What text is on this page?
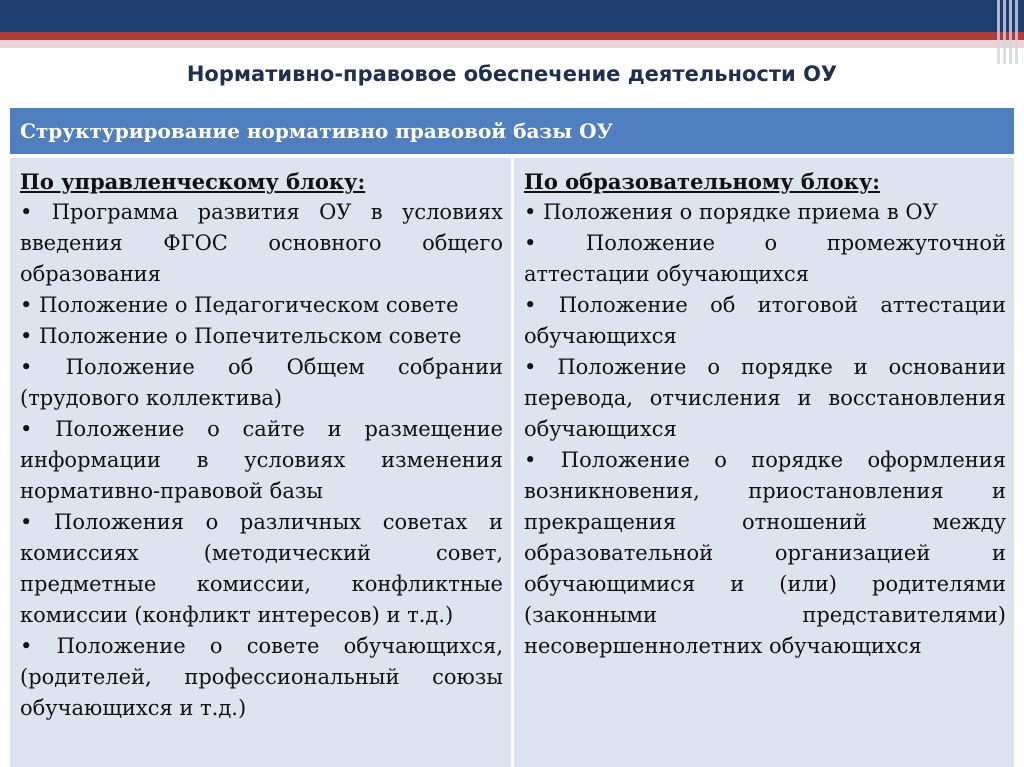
Нормативно-правовое обеспечение деятельности ОУ
Структурирование нормативно правовой базы ОУ
По управленческому блоку:
• Программа развития ОУ в условиях введения ФГОС основного общего образования
• Положение о Педагогическом совете
• Положение о Попечительском совете
• Положение об Общем собрании (трудового коллектива)
• Положение о сайте и размещение информации в условиях изменения нормативно-правовой базы
• Положения о различных советах и комиссиях (методический совет, предметные комиссии, конфликтные комиссии (конфликт интересов) и т.д.)
• Положение о совете обучающихся, (родителей, профессиональный союзы обучающихся и т.д.)
По образовательному блоку:
• Положения о порядке приема в ОУ
• Положение о промежуточной аттестации обучающихся
• Положение об итоговой аттестации обучающихся
• Положение о порядке и основании перевода, отчисления и восстановления обучающихся
• Положение о порядке оформления возникновения, приостановления и прекращения отношений между образовательной организацией и обучающимися и (или) родителями (законными представителями) несовершеннолетних обучающихся
